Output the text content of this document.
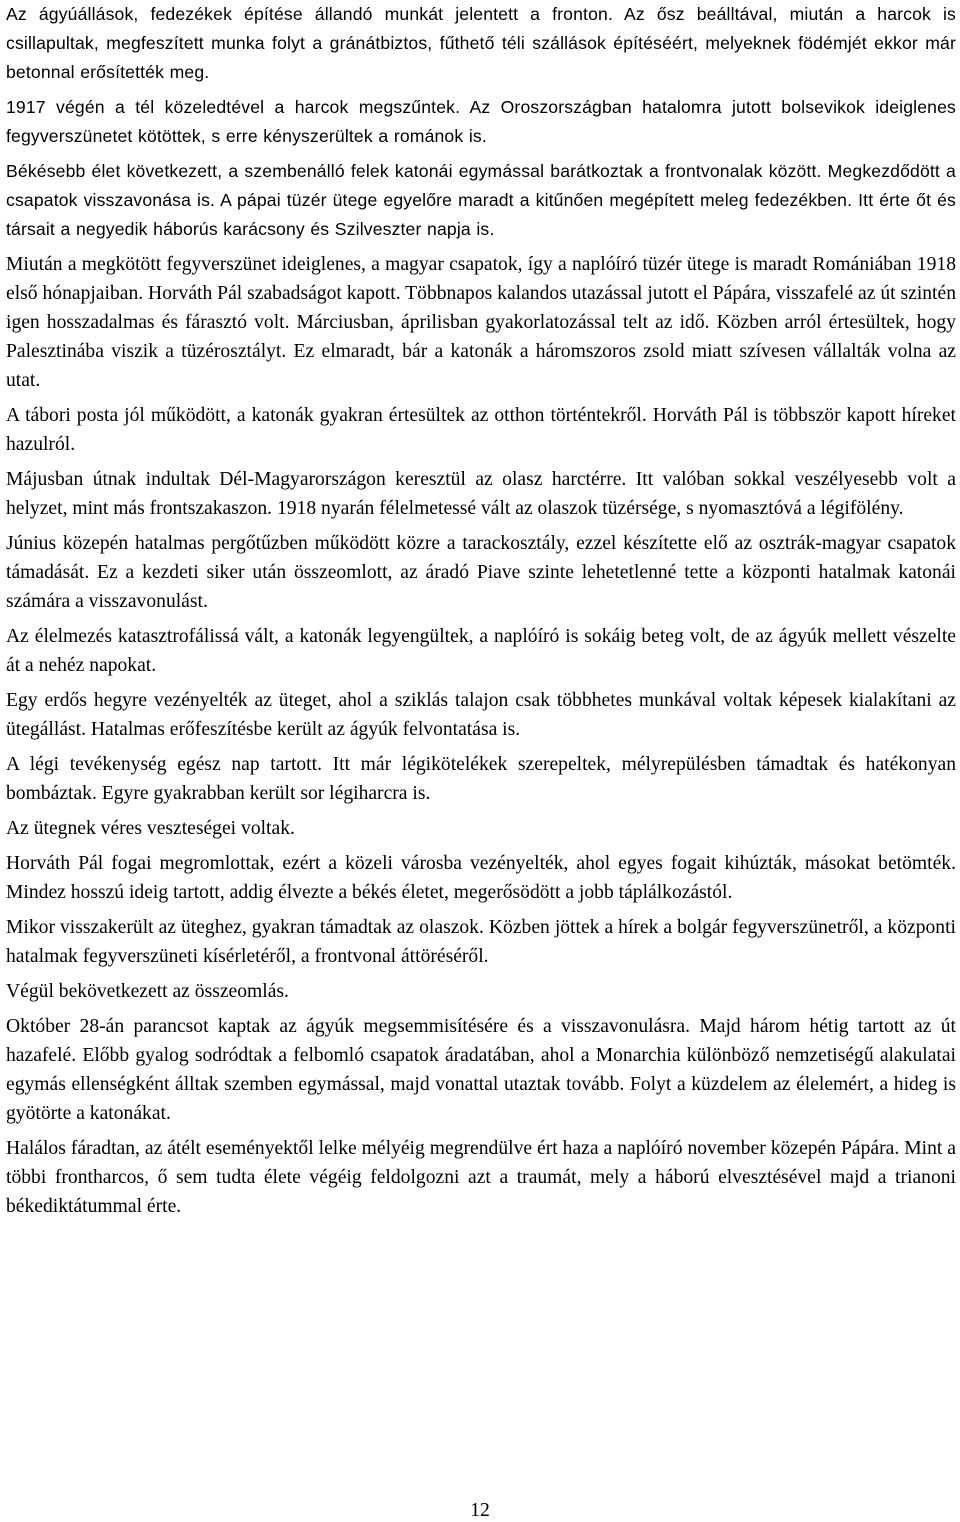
Az ágyúállások, fedezékek építése állandó munkát jelentett a fronton. Az ősz beálltával, miután a harcok is csillapultak, megfeszített munka folyt a gránátbiztos, fűthető téli szállások építéséért, melyeknek födémjét ekkor már betonnal erősítették meg.

1917 végén a tél közeledtével a harcok megszűntek. Az Oroszországban hatalomra jutott bolsevikok ideiglenes fegyverszünetet kötöttek, s erre kényszerültek a románok is.

Békésebb élet következett, a szembenálló felek katonái egymással barátkoztak a frontvonalak között. Megkezdődött a csapatok visszavonása is. A pápai tüzér ütege egyelőre maradt a kitűnően megépített meleg fedezékben. Itt érte őt és társait a negyedik háborús karácsony és Szilveszter napja is.

Miután a megkötött fegyverszünet ideiglenes, a magyar csapatok, így a naplóíró tüzér ütege is maradt Romániában 1918 első hónapjaiban. Horváth Pál szabadságot kapott. Többnapos kalandos utazással jutott el Pápára, visszafelé az út szintén igen hosszadalmas és fárasztó volt. Márciusban, áprilisban gyakorlatozással telt az idő. Közben arról értesültek, hogy Palesztinába viszik a tüzérosztályt. Ez elmaradt, bár a katonák a háromszoros zsold miatt szívesen vállalták volna az utat.

A tábori posta jól működött, a katonák gyakran értesültek az otthon történtekről. Horváth Pál is többször kapott híreket hazulról.

Májusban útnak indultak Dél-Magyarországon keresztül az olasz harctérre. Itt valóban sokkal veszélyesebb volt a helyzet, mint más frontszakaszon. 1918 nyarán félelmetessé vált az olaszok tüzérsége, s nyomasztóvá a légifölény.

Június közepén hatalmas pergőtűzben működött közre a tarackosztály, ezzel készítette elő az osztrák-magyar csapatok támadását. Ez a kezdeti siker után összeomlott, az áradó Piave szinte lehetetlenné tette a központi hatalmak katonái számára a visszavonulást.

Az élelmezés katasztrofálissá vált, a katonák legyengültek, a naplóíró is sokáig beteg volt, de az ágyúk mellett vészelte át a nehéz napokat.

Egy erdős hegyre vezényelték az üteget, ahol a sziklás talajon csak többhetes munkával voltak képesek kialakítani az ütegállást. Hatalmas erőfeszítésbe került az ágyúk felvontatása is.

A légi tevékenység egész nap tartott. Itt már légikötelékek szerepeltek, mélyrepülésben támadtak és hatékonyan bombáztak. Egyre gyakrabban került sor légiharcra is.

Az ütegnek véres veszteségei voltak.

Horváth Pál fogai megromlottak, ezért a közeli városba vezényelték, ahol egyes fogait kihúzták, másokat betömték. Mindez hosszú ideig tartott, addig élvezte a békés életet, megerősödött a jobb táplálkozástól.

Mikor visszakerült az üteghez, gyakran támadtak az olaszok. Közben jöttek a hírek a bolgár fegyverszünetről, a központi hatalmak fegyverszüneti kísérletéről, a frontvonal áttöréséről.

Végül bekövetkezett az összeomlás.

Október 28-án parancsot kaptak az ágyúk megsemmisítésére és a visszavonulásra. Majd három hétig tartott az út hazafelé. Előbb gyalog sodródtak a felbomló csapatok áradatában, ahol a Monarchia különböző nemzetiségű alakulatai egymás ellenségként álltak szemben egymással, majd vonattal utaztak tovább. Folyt a küzdelem az élelemért, a hideg is gyötörte a katonákat.

Halálos fáradtan, az átélt eseményektől lelke mélyéig megrendülve ért haza a naplóíró november közepén Pápára. Mint a többi frontharcos, ő sem tudta élete végéig feldolgozni azt a traumát, mely a háború elvesztésével majd a trianoni békediktátummal érte.

12
